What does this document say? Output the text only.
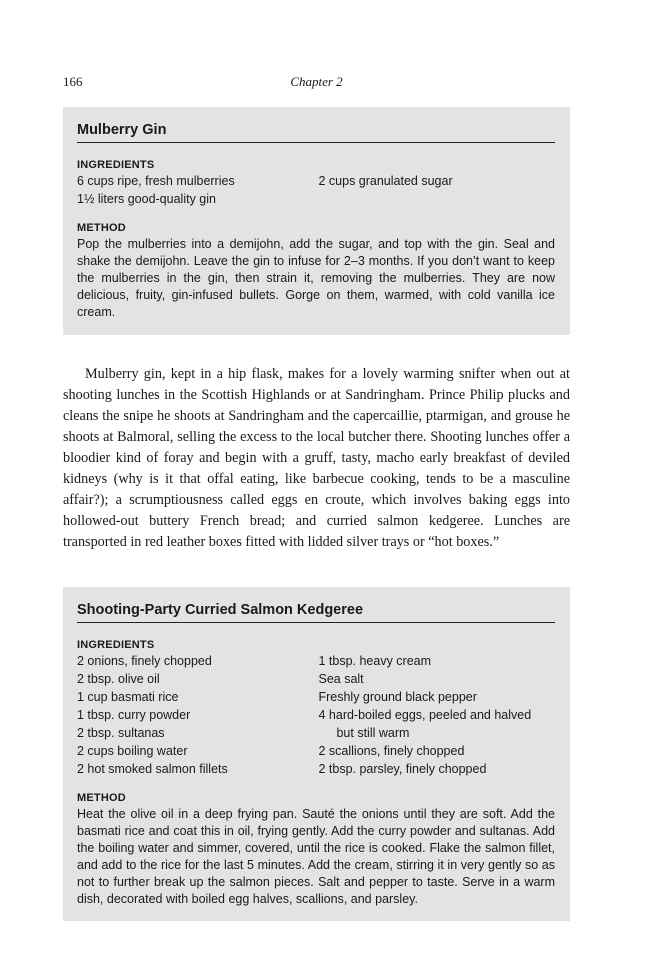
166	Chapter 2
Mulberry Gin
INGREDIENTS
6 cups ripe, fresh mulberries
1½ liters good-quality gin
2 cups granulated sugar
METHOD
Pop the mulberries into a demijohn, add the sugar, and top with the gin. Seal and shake the demijohn. Leave the gin to infuse for 2–3 months. If you don’t want to keep the mulberries in the gin, then strain it, removing the mulberries. They are now delicious, fruity, gin-infused bullets. Gorge on them, warmed, with cold vanilla ice cream.

Mulberry gin, kept in a hip flask, makes for a lovely warming snifter when out at shooting lunches in the Scottish Highlands or at Sandringham. Prince Philip plucks and cleans the snipe he shoots at Sandringham and the capercaillie, ptarmigan, and grouse he shoots at Balmoral, selling the excess to the local butcher there. Shooting lunches offer a bloodier kind of foray and begin with a gruff, tasty, macho early breakfast of deviled kidneys (why is it that offal eating, like barbecue cooking, tends to be a masculine affair?); a scrumptiousness called eggs en croute, which involves baking eggs into hollowed-out buttery French bread; and curried salmon kedgeree. Lunches are transported in red leather boxes fitted with lidded silver trays or “hot boxes.”

Shooting-Party Curried Salmon Kedgeree
INGREDIENTS
2 onions, finely chopped
2 tbsp. olive oil
1 cup basmati rice
1 tbsp. curry powder
2 tbsp. sultanas
2 cups boiling water
2 hot smoked salmon fillets
1 tbsp. heavy cream
Sea salt
Freshly ground black pepper
4 hard-boiled eggs, peeled and halved
but still warm
2 scallions, finely chopped
2 tbsp. parsley, finely chopped
METHOD
Heat the olive oil in a deep frying pan. Sauté the onions until they are soft. Add the basmati rice and coat this in oil, frying gently. Add the curry powder and sultanas. Add the boiling water and simmer, covered, until the rice is cooked. Flake the salmon fillet, and add to the rice for the last 5 minutes. Add the cream, stirring it in very gently so as not to further break up the salmon pieces. Salt and pepper to taste. Serve in a warm dish, decorated with boiled egg halves, scallions, and parsley.
